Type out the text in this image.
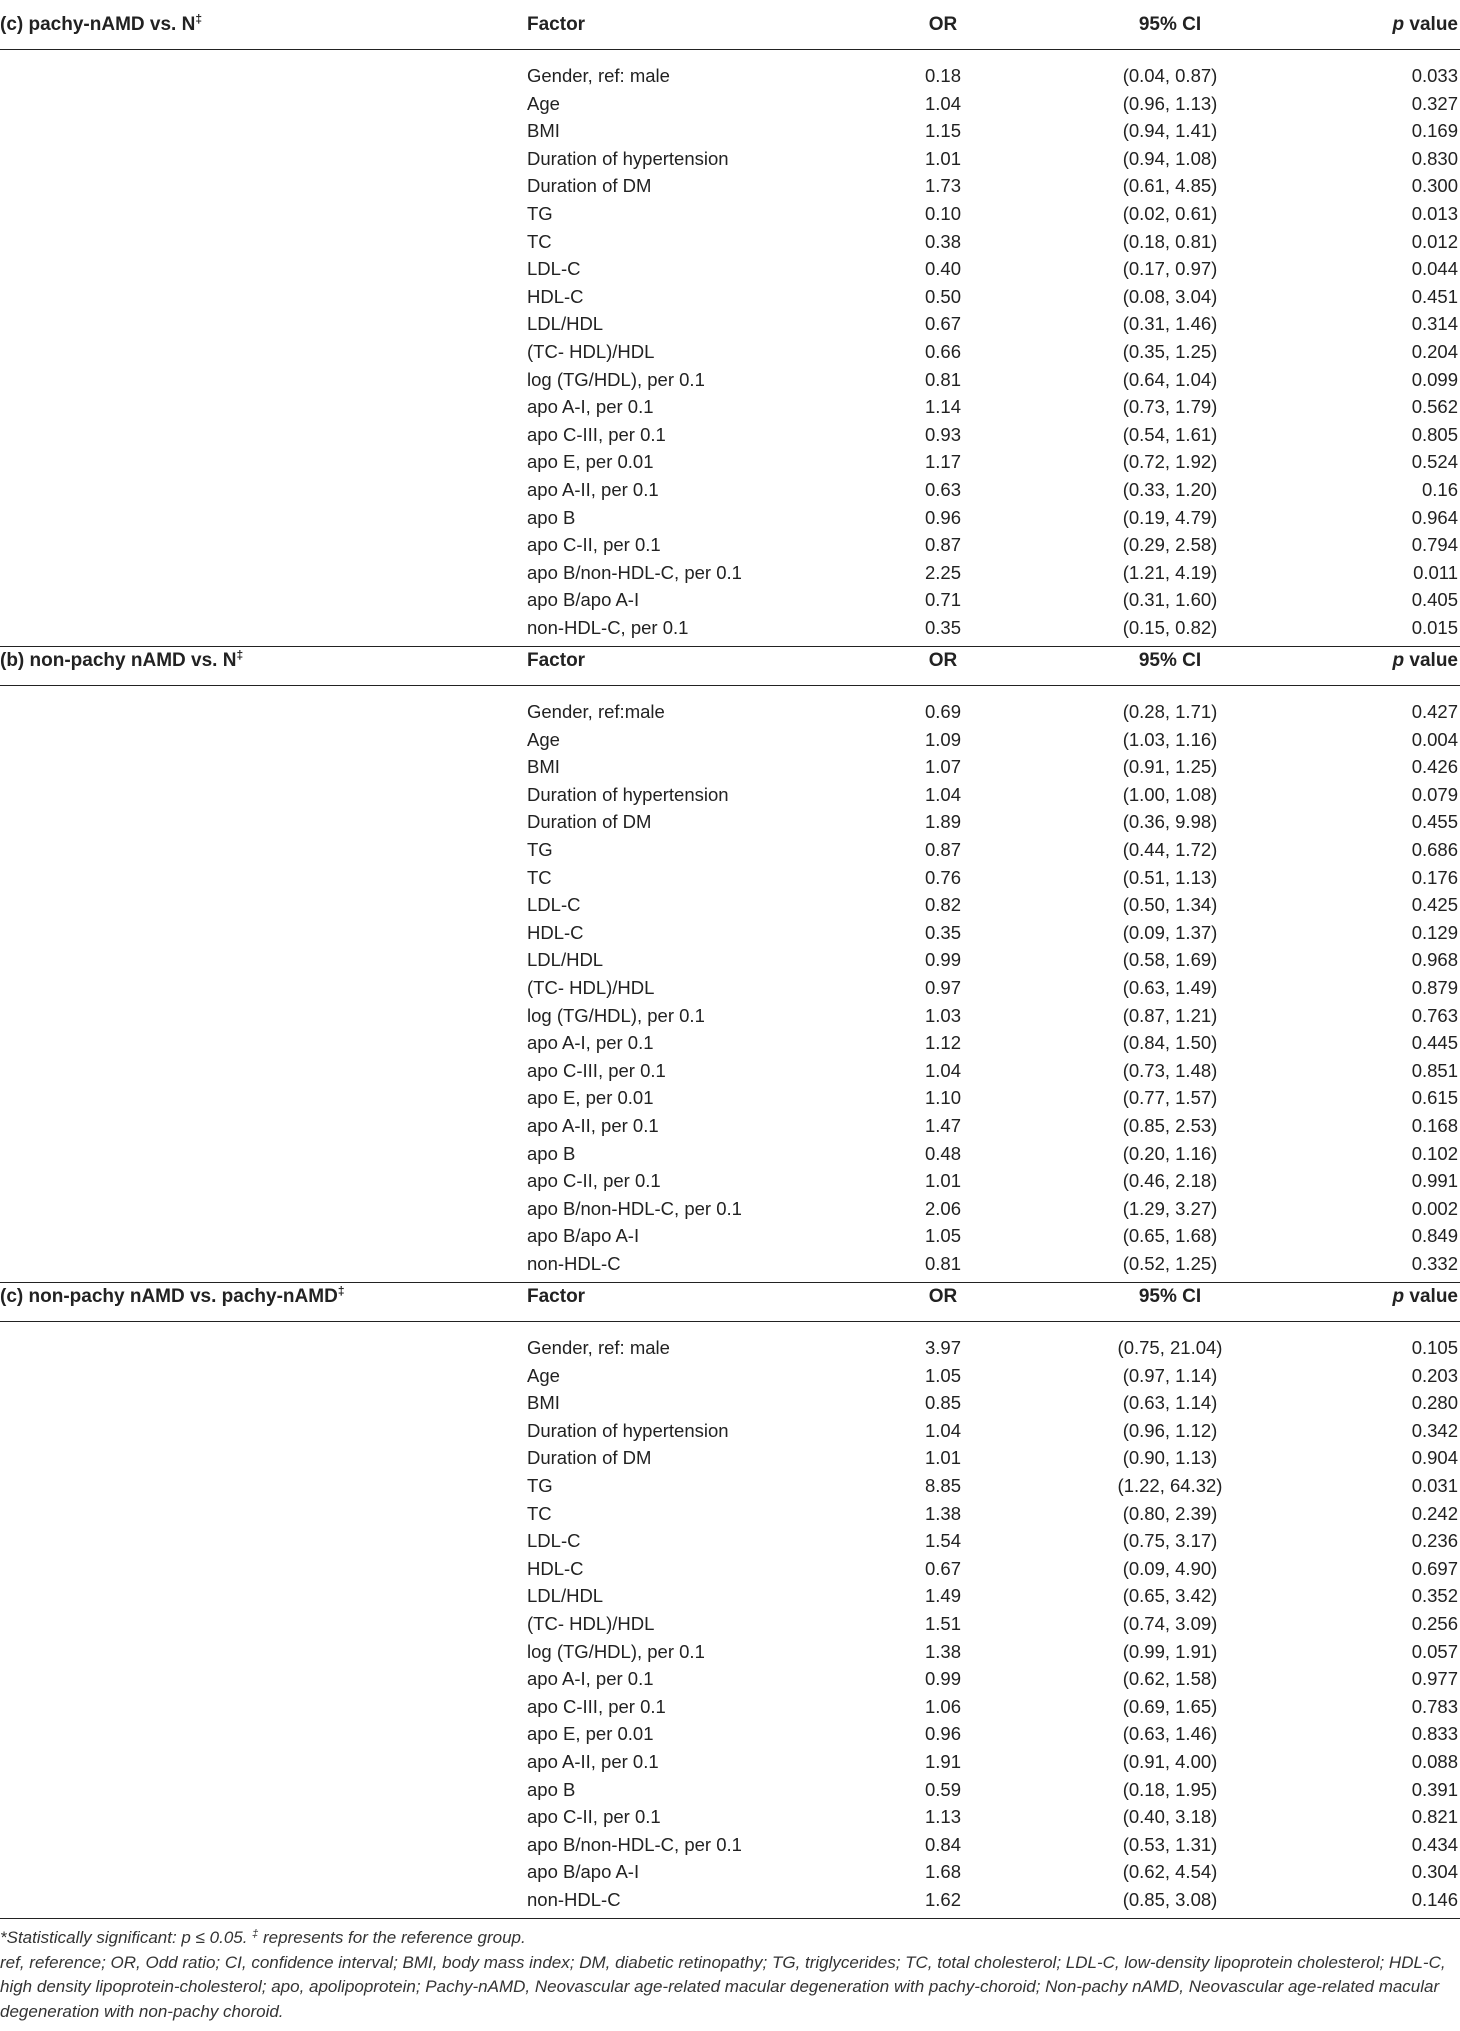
(c) pachy-nAMD vs. N‡	Factor	OR	95% CI	p value
Gender, ref: male	0.18	(0.04, 0.87)	0.033
Age	1.04	(0.96, 1.13)	0.327
BMI	1.15	(0.94, 1.41)	0.169
Duration of hypertension	1.01	(0.94, 1.08)	0.830
Duration of DM	1.73	(0.61, 4.85)	0.300
TG	0.10	(0.02, 0.61)	0.013
TC	0.38	(0.18, 0.81)	0.012
LDL-C	0.40	(0.17, 0.97)	0.044
HDL-C	0.50	(0.08, 3.04)	0.451
LDL/HDL	0.67	(0.31, 1.46)	0.314
(TC- HDL)/HDL	0.66	(0.35, 1.25)	0.204
log (TG/HDL), per 0.1	0.81	(0.64, 1.04)	0.099
apo A-I, per 0.1	1.14	(0.73, 1.79)	0.562
apo C-III, per 0.1	0.93	(0.54, 1.61)	0.805
apo E, per 0.01	1.17	(0.72, 1.92)	0.524
apo A-II, per 0.1	0.63	(0.33, 1.20)	0.16
apo B	0.96	(0.19, 4.79)	0.964
apo C-II, per 0.1	0.87	(0.29, 2.58)	0.794
apo B/non-HDL-C, per 0.1	2.25	(1.21, 4.19)	0.011
apo B/apo A-I	0.71	(0.31, 1.60)	0.405
non-HDL-C, per 0.1	0.35	(0.15, 0.82)	0.015
(b) non-pachy nAMD vs. N‡	Factor	OR	95% CI	p value
Gender, ref:male	0.69	(0.28, 1.71)	0.427
Age	1.09	(1.03, 1.16)	0.004
BMI	1.07	(0.91, 1.25)	0.426
Duration of hypertension	1.04	(1.00, 1.08)	0.079
Duration of DM	1.89	(0.36, 9.98)	0.455
TG	0.87	(0.44, 1.72)	0.686
TC	0.76	(0.51, 1.13)	0.176
LDL-C	0.82	(0.50, 1.34)	0.425
HDL-C	0.35	(0.09, 1.37)	0.129
LDL/HDL	0.99	(0.58, 1.69)	0.968
(TC- HDL)/HDL	0.97	(0.63, 1.49)	0.879
log (TG/HDL), per 0.1	1.03	(0.87, 1.21)	0.763
apo A-I, per 0.1	1.12	(0.84, 1.50)	0.445
apo C-III, per 0.1	1.04	(0.73, 1.48)	0.851
apo E, per 0.01	1.10	(0.77, 1.57)	0.615
apo A-II, per 0.1	1.47	(0.85, 2.53)	0.168
apo B	0.48	(0.20, 1.16)	0.102
apo C-II, per 0.1	1.01	(0.46, 2.18)	0.991
apo B/non-HDL-C, per 0.1	2.06	(1.29, 3.27)	0.002
apo B/apo A-I	1.05	(0.65, 1.68)	0.849
non-HDL-C	0.81	(0.52, 1.25)	0.332
(c) non-pachy nAMD vs. pachy-nAMD‡	Factor	OR	95% CI	p value
Gender, ref: male	3.97	(0.75, 21.04)	0.105
Age	1.05	(0.97, 1.14)	0.203
BMI	0.85	(0.63, 1.14)	0.280
Duration of hypertension	1.04	(0.96, 1.12)	0.342
Duration of DM	1.01	(0.90, 1.13)	0.904
TG	8.85	(1.22, 64.32)	0.031
TC	1.38	(0.80, 2.39)	0.242
LDL-C	1.54	(0.75, 3.17)	0.236
HDL-C	0.67	(0.09, 4.90)	0.697
LDL/HDL	1.49	(0.65, 3.42)	0.352
(TC- HDL)/HDL	1.51	(0.74, 3.09)	0.256
log (TG/HDL), per 0.1	1.38	(0.99, 1.91)	0.057
apo A-I, per 0.1	0.99	(0.62, 1.58)	0.977
apo C-III, per 0.1	1.06	(0.69, 1.65)	0.783
apo E, per 0.01	0.96	(0.63, 1.46)	0.833
apo A-II, per 0.1	1.91	(0.91, 4.00)	0.088
apo B	0.59	(0.18, 1.95)	0.391
apo C-II, per 0.1	1.13	(0.40, 3.18)	0.821
apo B/non-HDL-C, per 0.1	0.84	(0.53, 1.31)	0.434
apo B/apo A-I	1.68	(0.62, 4.54)	0.304
non-HDL-C	1.62	(0.85, 3.08)	0.146

*Statistically significant: p ≤ 0.05. ‡ represents for the reference group.

ref, reference; OR, Odd ratio; CI, confidence interval; BMI, body mass index; DM, diabetic retinopathy; TG, triglycerides; TC, total cholesterol; LDL-C, low-density lipoprotein cholesterol; HDL-C, high density lipoprotein-cholesterol; apo, apolipoprotein; Pachy-nAMD, Neovascular age-related macular degeneration with pachy-choroid; Non-pachy nAMD, Neovascular age-related macular degeneration with non-pachy choroid.
